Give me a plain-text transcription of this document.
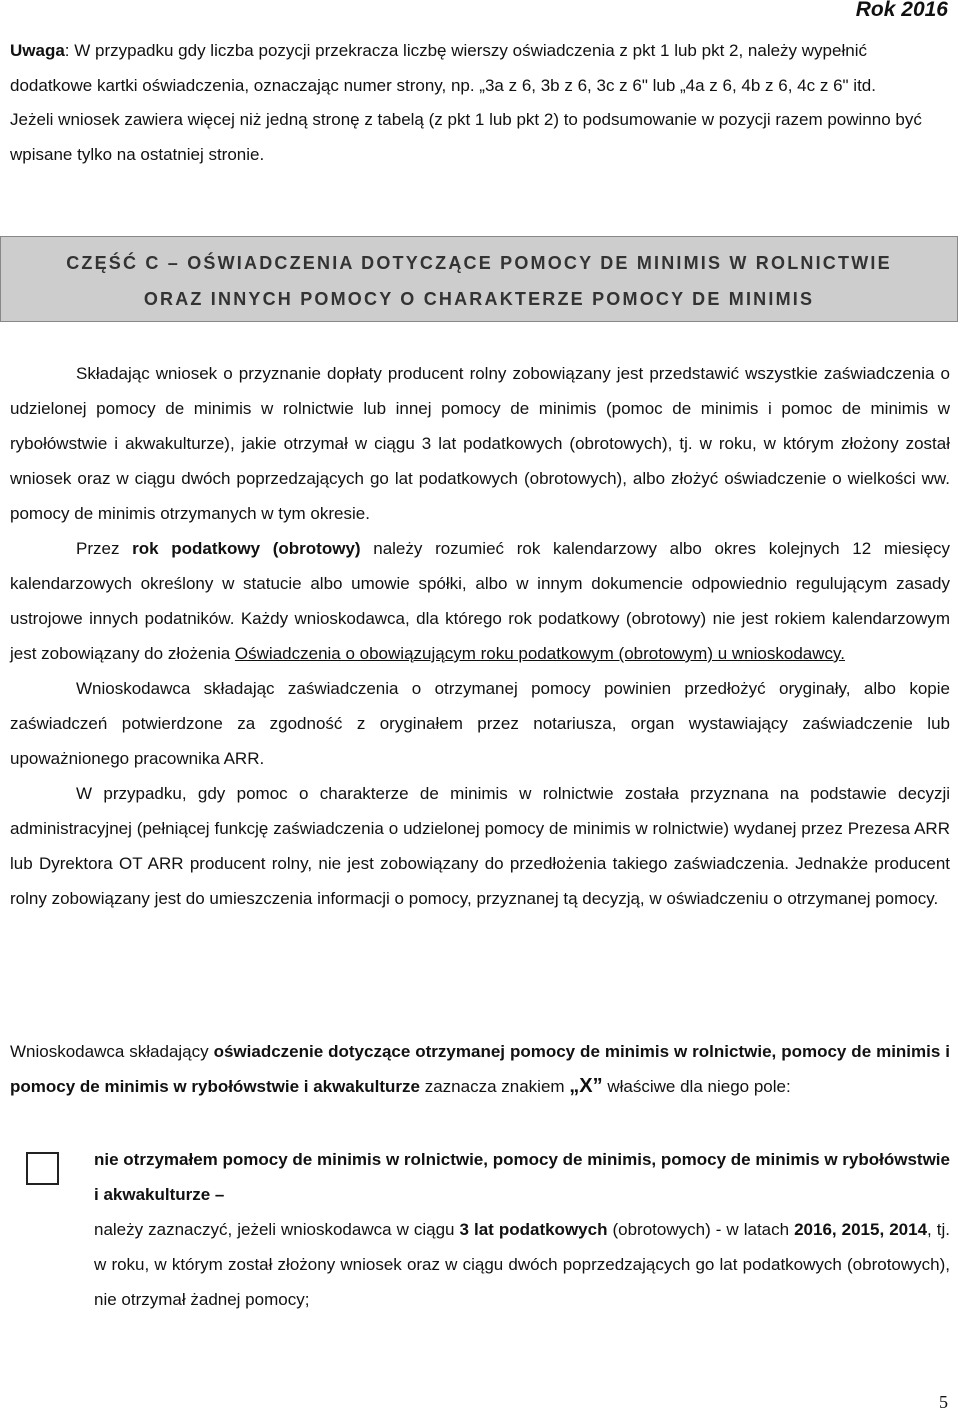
Rok 2016

Uwaga: W przypadku gdy liczba pozycji przekracza liczbę wierszy oświadczenia z pkt 1 lub pkt 2, należy wypełnić dodatkowe kartki oświadczenia, oznaczając numer strony, np. „3a z 6, 3b z 6, 3c z 6" lub „4a z 6, 4b z 6, 4c z 6" itd.

Jeżeli wniosek zawiera więcej niż jedną stronę z tabelą (z pkt 1 lub pkt 2) to podsumowanie w pozycji razem powinno być wpisane tylko na ostatniej stronie.

CZĘŚĆ C – OŚWIADCZENIA DOTYCZĄCE POMOCY DE MINIMIS W ROLNICTWIE
ORAZ INNYCH POMOCY O CHARAKTERZE POMOCY DE MINIMIS

Składając wniosek o przyznanie dopłaty producent rolny zobowiązany jest przedstawić wszystkie zaświadczenia o udzielonej pomocy de minimis w rolnictwie lub innej pomocy de minimis (pomoc de minimis i pomoc de minimis w rybołówstwie i akwakulturze), jakie otrzymał w ciągu 3 lat podatkowych (obrotowych), tj. w roku, w którym złożony został wniosek oraz w ciągu dwóch poprzedzających go lat podatkowych (obrotowych), albo złożyć oświadczenie o wielkości ww. pomocy de minimis otrzymanych w tym okresie.

Przez rok podatkowy (obrotowy) należy rozumieć rok kalendarzowy albo okres kolejnych 12 miesięcy kalendarzowych określony w statucie albo umowie spółki, albo w innym dokumencie odpowiednio regulującym zasady ustrojowe innych podatników. Każdy wnioskodawca, dla którego rok podatkowy (obrotowy) nie jest rokiem kalendarzowym jest zobowiązany do złożenia Oświadczenia o obowiązującym roku podatkowym (obrotowym) u wnioskodawcy.

Wnioskodawca składając zaświadczenia o otrzymanej pomocy powinien przedłożyć oryginały, albo kopie zaświadczeń potwierdzone za zgodność z oryginałem przez notariusza, organ wystawiający zaświadczenie lub upoważnionego pracownika ARR.

W przypadku, gdy pomoc o charakterze de minimis w rolnictwie została przyznana na podstawie decyzji administracyjnej (pełniącej funkcję zaświadczenia o udzielonej pomocy de minimis w rolnictwie) wydanej przez Prezesa ARR lub Dyrektora OT ARR producent rolny, nie jest zobowiązany do przedłożenia takiego zaświadczenia. Jednakże producent rolny zobowiązany jest do umieszczenia informacji o pomocy, przyznanej tą decyzją, w oświadczeniu o otrzymanej pomocy.

Wnioskodawca składający oświadczenie dotyczące otrzymanej pomocy de minimis w rolnictwie, pomocy de minimis i pomocy de minimis w rybołówstwie i akwakulturze zaznacza znakiem „X” właściwe dla niego pole:

nie otrzymałem pomocy de minimis w rolnictwie, pomocy de minimis, pomocy de minimis w rybołówstwie i akwakulturze –

należy zaznaczyć, jeżeli wnioskodawca w ciągu 3 lat podatkowych (obrotowych) - w latach 2016, 2015, 2014, tj. w roku, w którym został złożony wniosek oraz w ciągu dwóch poprzedzających go lat podatkowych (obrotowych), nie otrzymał żadnej pomocy;

5
